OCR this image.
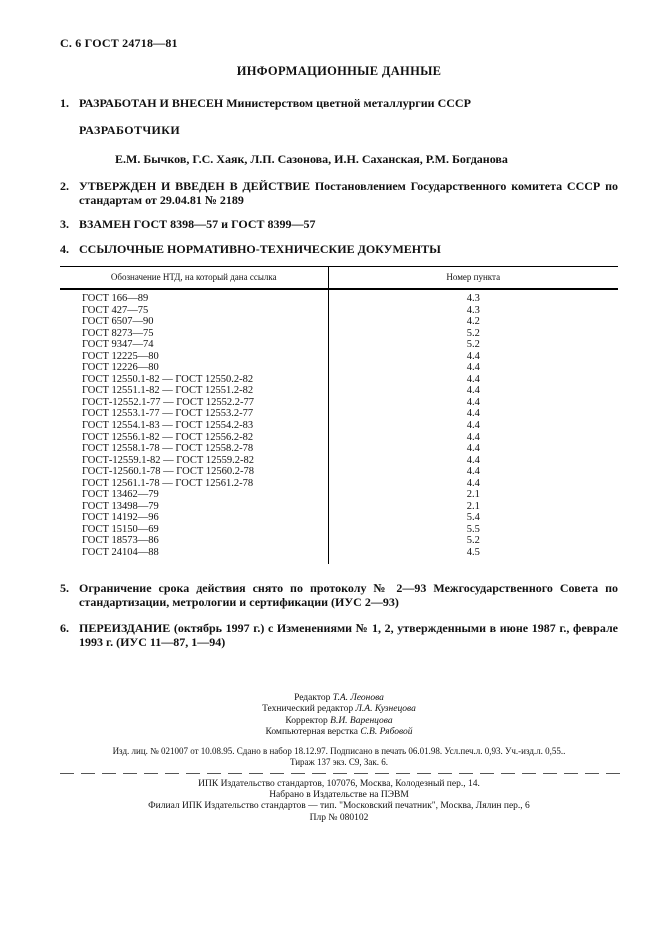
С. 6 ГОСТ 24718—81
ИНФОРМАЦИОННЫЕ ДАННЫЕ
1. РАЗРАБОТАН И ВНЕСЕН Министерством цветной металлургии СССР
РАЗРАБОТЧИКИ
Е.М. Бычков, Г.С. Хаяк, Л.П. Сазонова, И.Н. Саханская, Р.М. Богданова
2. УТВЕРЖДЕН И ВВЕДЕН В ДЕЙСТВИЕ Постановлением Государственного комитета СССР по стандартам от 29.04.81 № 2189
3. ВЗАМЕН ГОСТ 8398—57 и ГОСТ 8399—57
4. ССЫЛОЧНЫЕ НОРМАТИВНО-ТЕХНИЧЕСКИЕ ДОКУМЕНТЫ
Обозначение НТД, на который дана ссылка	Номер пункта
ГОСТ 166—89	4.3
ГОСТ 427—75	4.3
ГОСТ 6507—90	4.2
ГОСТ 8273—75	5.2
ГОСТ 9347—74	5.2
ГОСТ 12225—80	4.4
ГОСТ 12226—80	4.4
ГОСТ 12550.1-82 — ГОСТ 12550.2-82	4.4
ГОСТ 12551.1-82 — ГОСТ 12551.2-82	4.4
ГОСТ-12552.1-77 — ГОСТ 12552.2-77	4.4
ГОСТ 12553.1-77 — ГОСТ 12553.2-77	4.4
ГОСТ 12554.1-83 — ГОСТ 12554.2-83	4.4
ГОСТ 12556.1-82 — ГОСТ 12556.2-82	4.4
ГОСТ 12558.1-78 — ГОСТ 12558.2-78	4.4
ГОСТ-12559.1-82 — ГОСТ 12559.2-82	4.4
ГОСТ-12560.1-78 — ГОСТ 12560.2-78	4.4
ГОСТ 12561.1-78 — ГОСТ 12561.2-78	4.4
ГОСТ 13462—79	2.1
ГОСТ 13498—79	2.1
ГОСТ 14192—96	5.4
ГОСТ 15150—69	5.5
ГОСТ 18573—86	5.2
ГОСТ 24104—88	4.5

5. Ограничение срока действия снято по протоколу № 2—93 Межгосударственного Совета по стандартизации, метрологии и сертификации (ИУС 2—93)
6. ПЕРЕИЗДАНИЕ (октябрь 1997 г.) с Изменениями № 1, 2, утвержденными в июне 1987 г., феврале 1993 г. (ИУС 11—87, 1—94)
Редактор Т.А. Леонова
Технический редактор Л.А. Кузнецова
Корректор В.И. Варенцова
Компьютерная верстка С.В. Рябовой
Изд. лиц. № 021007 от 10.08.95. Сдано в набор 18.12.97. Подписано в печать 06.01.98. Усл.печ.л. 0,93. Уч.-изд.л. 0,55..
Тираж 137 экз. С9, Зак. 6.
ИПК Издательство стандартов, 107076, Москва, Колодезный пер., 14.
Набрано в Издательстве на ПЭВМ
Филиал ИПК Издательство стандартов — тип. "Московский печатник", Москва, Лялин пер., 6
Плр № 080102
